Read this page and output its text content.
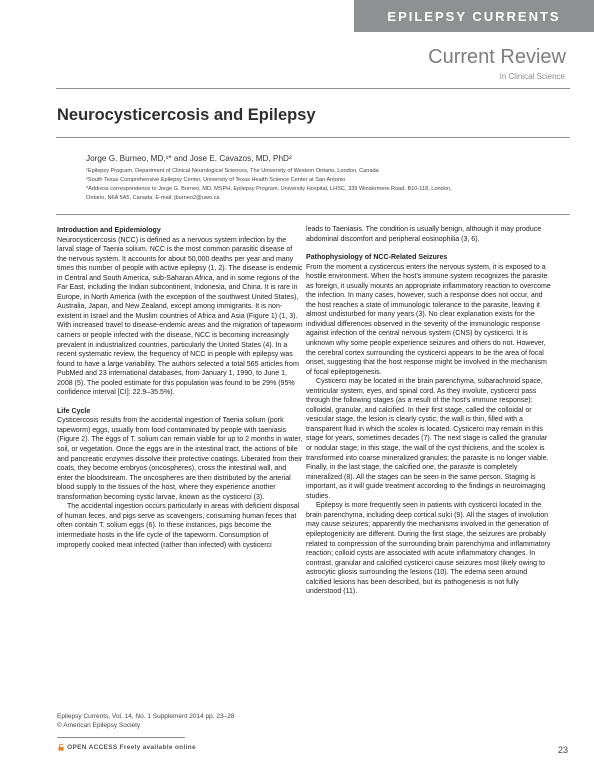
EPILEPSY CURRENTS
Current Review
In Clinical Science
Neurocysticercosis and Epilepsy
Jorge G. Burneo, MD,¹* and Jose E. Cavazos, MD, PhD²
¹Epilepsy Program, Department of Clinical Neurological Sciences, The University of Western Ontario, London, Canada
²South Texas Comprehensive Epilepsy Center, University of Texas Health Science Center at San Antonio
*Address correspondence to Jorge G. Burneo, MD, MSPH, Epilepsy Program, University Hospital, LHSC, 339 Windermere Road, B10-118, London,
Ontario, N6A 5A5, Canada. E-mail: jburneo2@uwo.ca

Introduction and Epidemiology

Neurocysticercosis (NCC) is defined as a nervous system infection by the larval stage of Taenia solium. NCC is the most common parasitic disease of the nervous system. It accounts for about 50,000 deaths per year and many times this number of people with active epilepsy (1, 2). The disease is endemic in Central and South America, sub-Saharan Africa, and in some regions of the Far East, including the Indian subcontinent, Indonesia, and China. It is rare in Europe, in North America (with the exception of the southwest United States), Australia, Japan, and New Zealand, except among immigrants. It is non-existent in Israel and the Muslim countries of Africa and Asia (Figure 1) (1, 3). With increased travel to disease-endemic areas and the migration of tapeworm carriers or people infected with the disease, NCC is becoming increasingly prevalent in industrialized countries, particularly the United States (4). In a recent systematic review, the frequency of NCC in people with epilepsy was found to have a large variability. The authors selected a total 565 articles from PubMed and 23 international databases, from January 1, 1990, to June 1, 2008 (5). The pooled estimate for this population was found to be 29% (95% confidence interval [CI]: 22.9–35.5%).

Life Cycle

Cysticercosis results from the accidental ingestion of Taenia solium (pork tapeworm) eggs, usually from food contaminated by people with taeniasis (Figure 2). The eggs of T. solium can remain viable for up to 2 months in water, soil, or vegetation. Once the eggs are in the intestinal tract, the actions of bile and pancreatic enzymes dissolve their protective coatings. Liberated from their coats, they become embryos (oncospheres), cross the intestinal wall, and enter the bloodstream. The oncospheres are then distributed by the arterial blood supply to the tissues of the host, where they experience another transformation becoming cystic larvae, known as the cysticerci (3).

The accidental ingestion occurs particularly in areas with deficient disposal of human feces, and pigs serve as scavengers, consuming human feces that often contain T. solium eggs (6). In these instances, pigs become the intermediate hosts in the life cycle of the tapeworm. Consumption of improperly cooked meat infected (rather than infected) with cysticerci

leads to Taeniasis. The condition is usually benign, although it may produce abdominal discomfort and peripheral eosinophilia (3, 6).

Pathophysiology of NCC-Related Seizures

From the moment a cysticercus enters the nervous system, it is exposed to a hostile environment. When the host's immune system recognizes the parasite as foreign, it usually mounts an appropriate inflammatory reaction to overcome the infection. In many cases, however, such a response does not occur, and the host reaches a state of immunologic tolerance to the parasite, leaving it almost undisturbed for many years (3). No clear explanation exists for the individual differences observed in the severity of the immunologic response against infection of the central nervous system (CNS) by cysticerci. It is unknown why some people experience seizures and others do not. However, the cerebral cortex surrounding the cysticerci appears to be the area of focal onset, suggesting that the host response might be involved in the mechanism of focal epileptogenesis.

Cysticerci may be located in the brain parenchyma, subarachnoid space, ventricular system, eyes, and spinal cord. As they involute, cysticerci pass through the following stages (as a result of the host's immune response): colloidal, granular, and calcified. In their first stage, called the colloidal or vesicular stage, the lesion is clearly cystic; the wall is thin, filled with a transparent fluid in which the scolex is located. Cysticerci may remain in this stage for years, sometimes decades (7). The next stage is called the granular or nodular stage; in this stage, the wall of the cyst thickens, and the scolex is transformed into coarse mineralized granules; the parasite is no longer viable. Finally, in the last stage, the calcified one, the parasite is completely mineralized (8). All the stages can be seen in the same person. Staging is important, as it will guide treatment according to the findings in neuroimaging studies.

Epilepsy is more frequently seen in patients with cysticerci located in the brain parenchyma, including deep cortical sulci (9). All the stages of involution may cause seizures; apparently the mechanisms involved in the generation of epileptogenicity are different. During the first stage, the seizures are probably related to compression of the surrounding brain parenchyma and inflammatory reaction; colloid cysts are associated with acute inflammatory changes. In contrast, granular and calcified cysticerci cause seizures most likely owing to astrocytic gliosis surrounding the lesions (10). The edema seen around calcified lesions has been described, but its pathogenesis is not fully understood (11).

Epilepsy Currents, Vol. 14, No. 1 Supplement 2014 pp. 23–28
© American Epilepsy Society
OPEN ACCESS Freely available online	23
